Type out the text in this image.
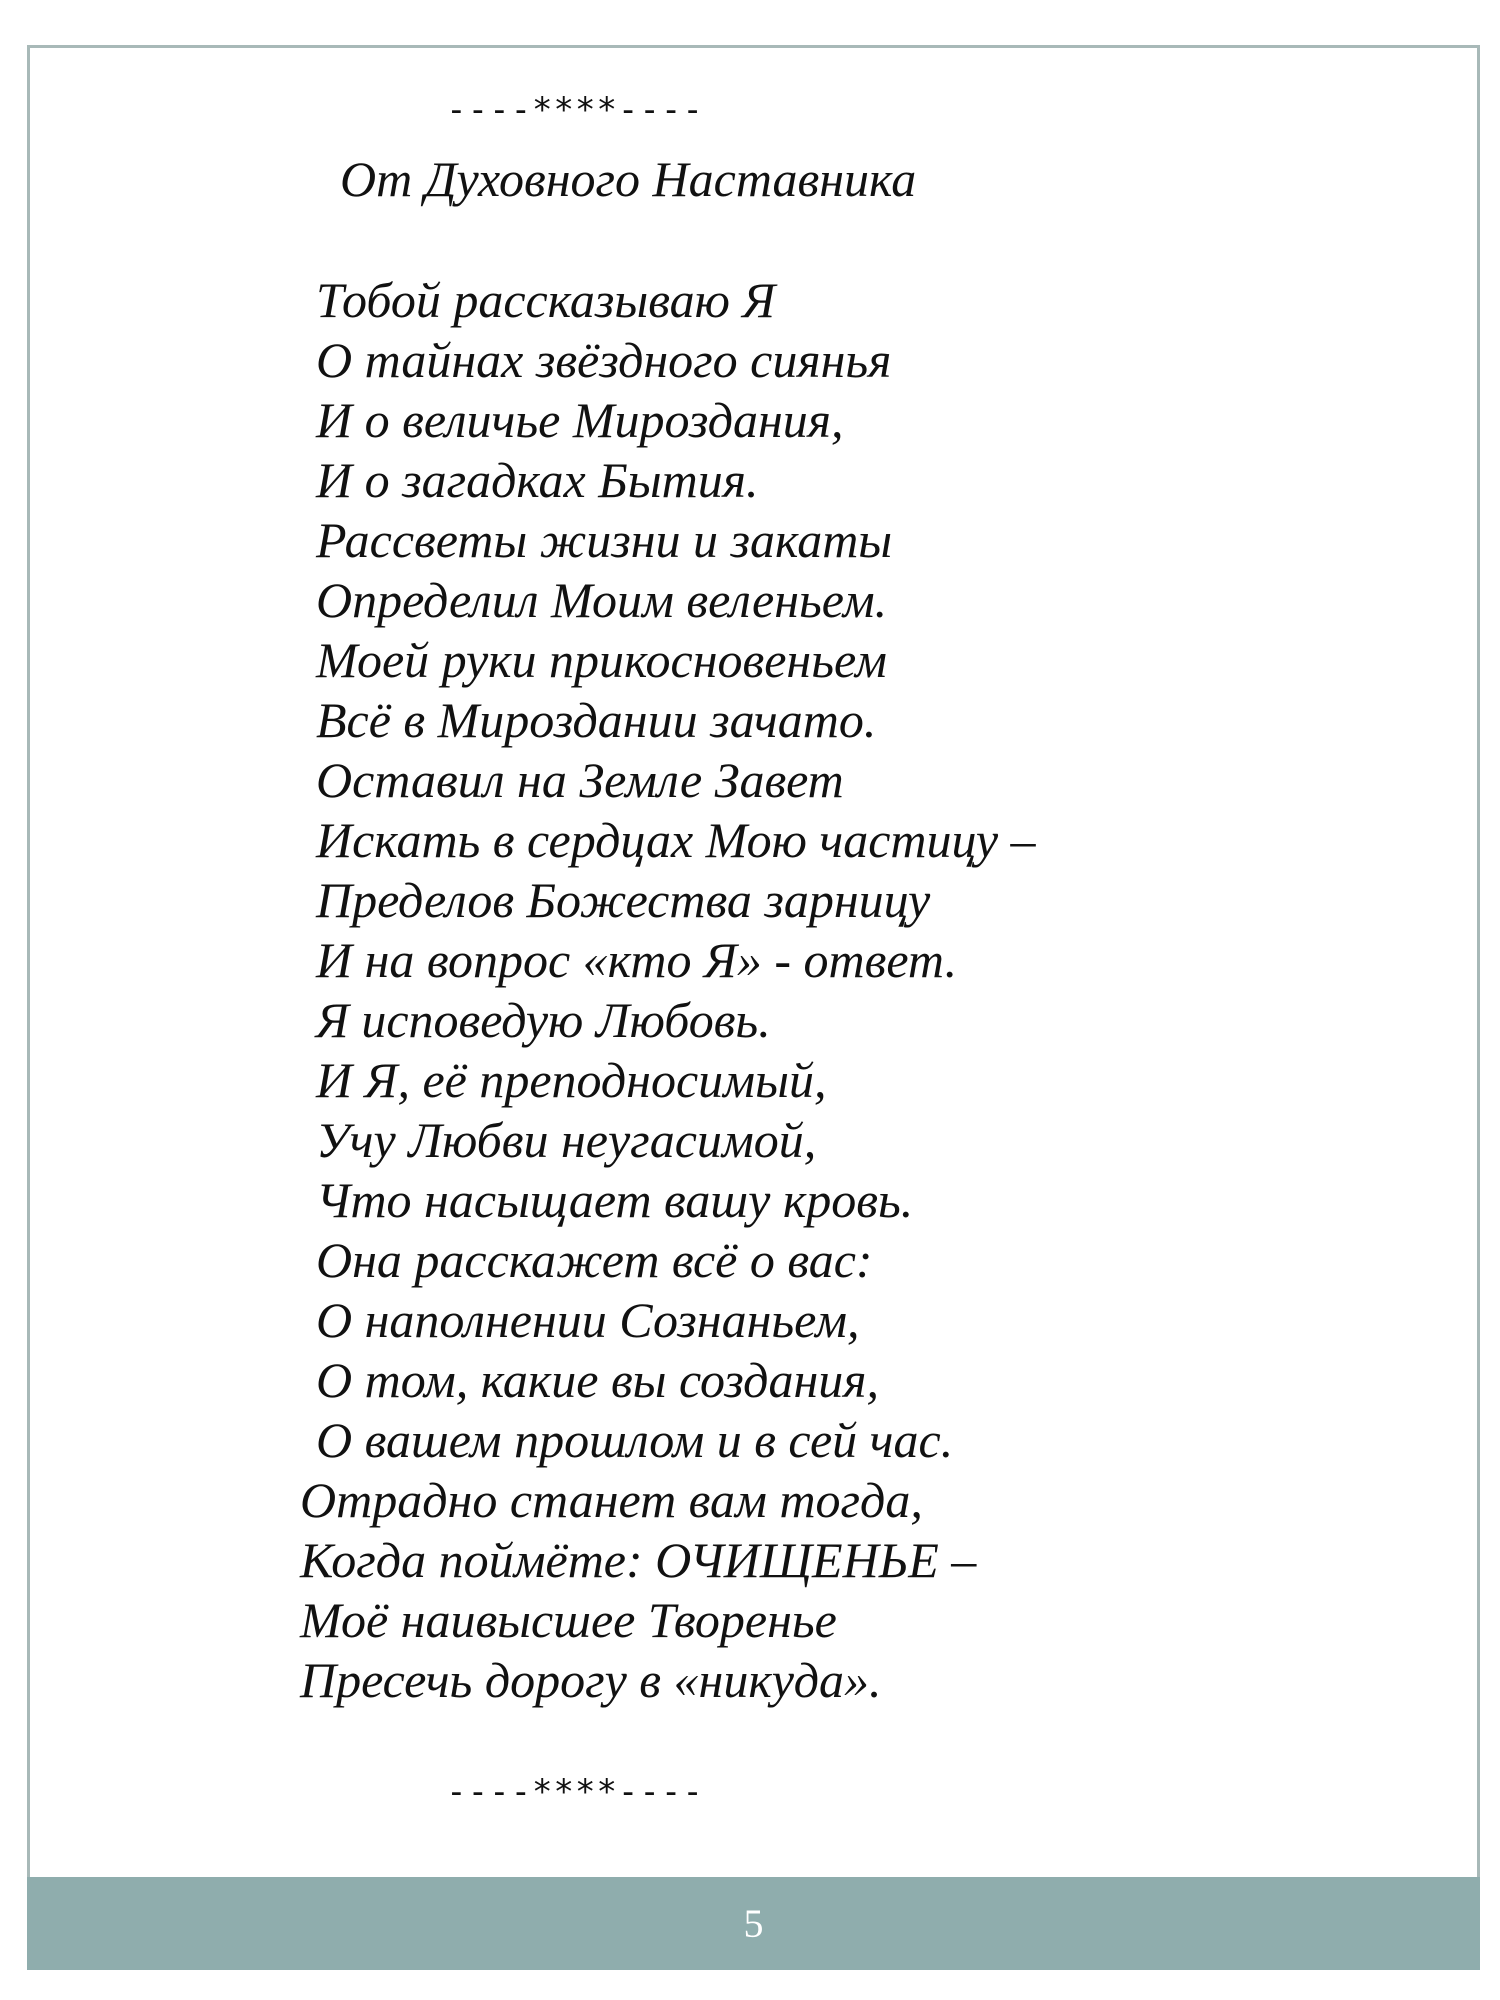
----****----
От Духовного Наставника
Тобой рассказываю Я
О тайнах звёздного сиянья
И о величье Мироздания,
И о загадках Бытия.
Рассветы жизни и закаты
Определил Моим веленьем.
Моей руки прикосновеньем
Всё в Мироздании зачато.
Оставил на Земле Завет
Искать в сердцах Мою частицу –
Пределов Божества зарницу
И на вопрос «кто Я» - ответ.
Я исповедую Любовь.
И Я, её преподносимый,
Учу Любви неугасимой,
Что насыщает вашу кровь.
Она расскажет всё о вас:
О наполнении Сознаньем,
О том, какие вы создания,
О вашем прошлом и в сей час.
Отрадно станет вам тогда,
Когда поймёте: ОЧИЩЕНЬЕ –
Моё наивысшее Творенье
Пресечь дорогу в «никуда».
----****----
5
